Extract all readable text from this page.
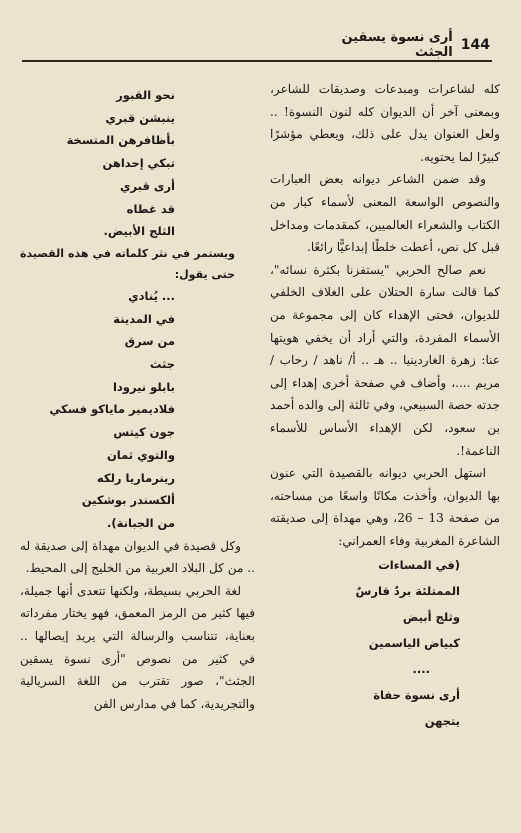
144
أرى نسوة يسقين الجثث

كله لشاعرات ومبدعات وصديقات للشاعر، وبمعنى آخر أن الديوان كله لنون النسوة! .. ولعل العنوان يدل على ذلك، ويعطي مؤشرًا كبيرًا لما يحتويه.

وقد ضمن الشاعر ديوانه بعض العبارات والنصوص الواسعة المعنى لأسماء كبار من الكتاب والشعراء العالميين، كمقدمات ومداخل قبل كل نص، أعطت خلطًا إبداعيًّا رائعًا.

نعم صالح الحربي "يستفزنا بكثرة نسائه"، كما قالت سارة الحتلان على الغلاف الخلفي للديوان، فحتى الإهداء كان إلى مجموعة من الأسماء المفردة، والتي أراد أن يخفي هويتها عنا: زهرة الغاردينيا .. هـ .. أ/ ناهد / رحاب / مريم ....، وأضاف في صفحة أخرى إهداء إلى جدته حصة السبيعي، وفي ثالثة إلى والده أحمد بن سعود، لكن الإهداء الأساس للأسماء الناعمة!.

استهل الحربي ديوانه بالقصيدة التي عنون بها الديوان، وأخذت مكانًا واسعًا من مساحته، من صفحة 13 – 26، وهي مهداة إلى صديقته الشاعرة المغربية وفاء العمراني:

(في المساءات
الممتلئة بردٌ قارسٌ
وثلج أبيض
كبياض الياسمين
....
أرى نسوة حفاة
يتجهن
نحو القبور
ينبشن قبري
بأظافرهن المتسخة
تبكي إحداهن
أرى قبري
قد غطاه
الثلج الأبيض.

ويستمر في نثر كلماته في هذه القصيدة حتى يقول:

... يُنادي
في المدينة
من سرق
جثث
بابلو نيرودا
فلاديمير ماياكو فسكي
جون كيتس
والتوي ثمان
رينرماريا رلكه
ألكسندر بوشكين
من الجبانة).

وكل قصيدة في الديوان مهداة إلى صديقة له .. من كل البلاد العربية من الخليج إلى المحيط.

لغة الحربي بسيطة، ولكنها تتعدى أنها جميلة، فيها كثير من الرمز المعمق، فهو يختار مفرداته بعناية، تتناسب والرسالة التي يريد إيصالها .. في كثير من نصوص "أرى نسوة يسقين الجثث"، صور تقترب من اللغة السريالية والتجريدية، كما في مدارس الفن
